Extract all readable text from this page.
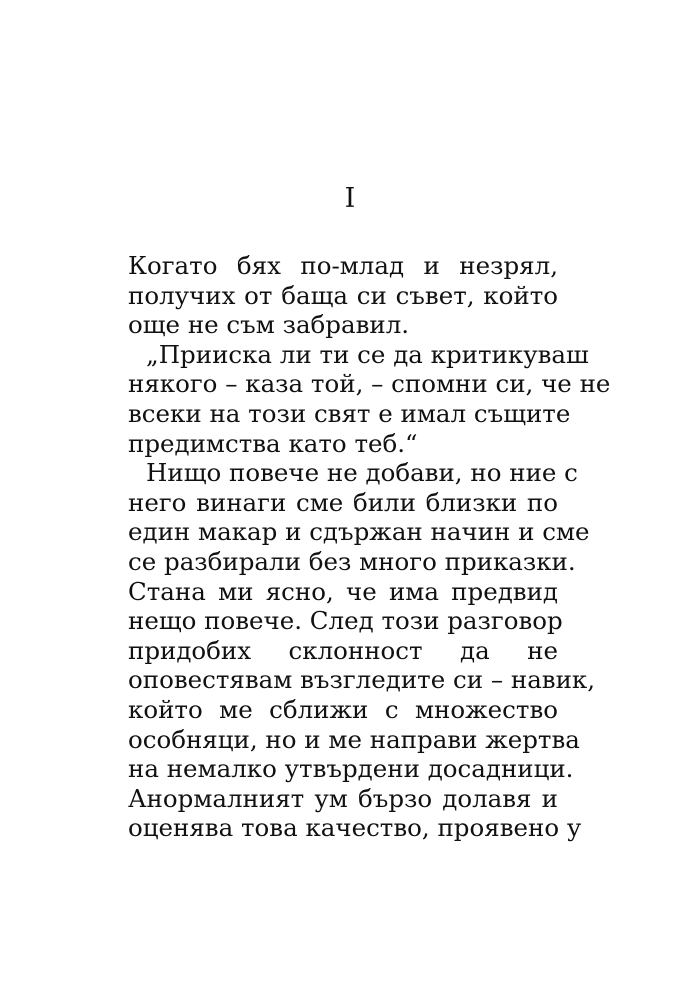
I
Когато бях по-млад и незрял,
получих от баща си съвет, който
още не съм забравил.
„Прииска ли ти се да критикуваш
някого – каза той, – спомни си, че не
всеки на този свят е имал същите
предимства като теб.“
Нищо повече не добави, но ние с
него винаги сме били близки по
един макар и сдържан начин и сме
се разбирали без много приказки.
Стана ми ясно, че има предвид
нещо повече. След този разговор
придобих склонност да не
оповестявам възгледите си – навик,
който ме сближи с множество
особняци, но и ме направи жертва
на немалко утвърдени досадници.
Анормалният ум бързо долавя и
оценява това качество, проявено у
